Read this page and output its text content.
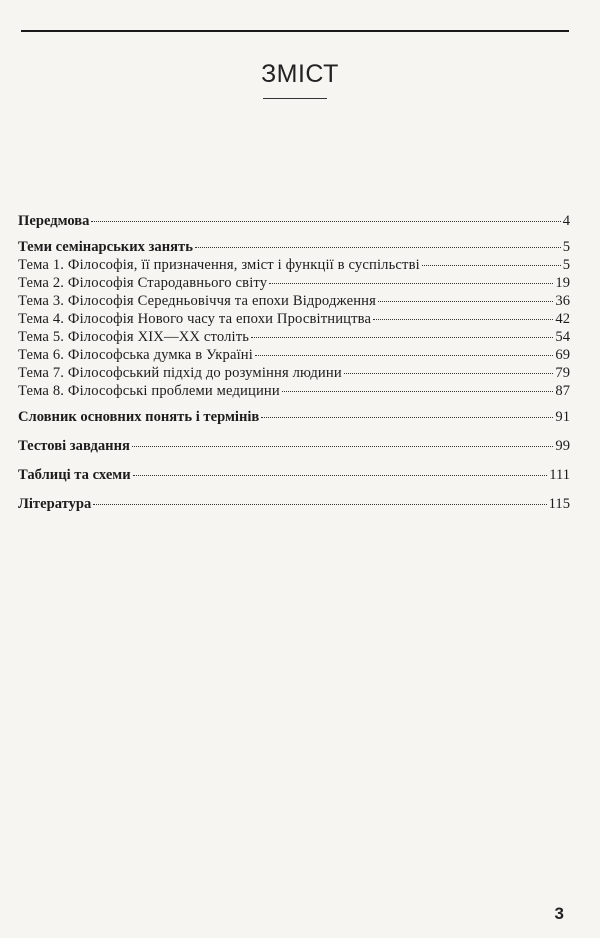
ЗМІСТ
Передмова	4
Теми семінарських занять	5
Тема 1. Філософія, її призначення, зміст і функції в суспільстві	5
Тема 2. Філософія Стародавнього світу	19
Тема 3. Філософія Середньовіччя та епохи Відродження	36
Тема 4. Філософія Нового часу та епохи Просвітництва	42
Тема 5. Філософія XIX—XX століть	54
Тема 6. Філософська думка в Україні	69
Тема 7. Філософський підхід до розуміння людини	79
Тема 8. Філософські проблеми медицини	87
Словник основних понять і термінів	91
Тестові завдання	99
Таблиці та схеми	111
Література	115
3
